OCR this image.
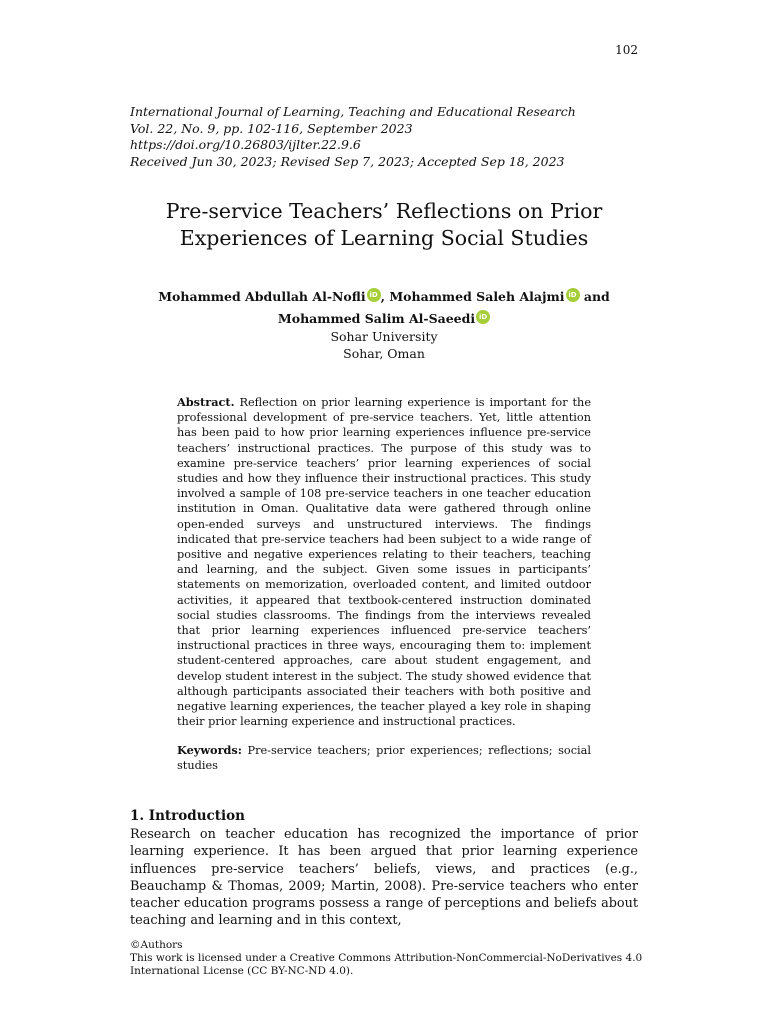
102
International Journal of Learning, Teaching and Educational Research
Vol. 22, No. 9, pp. 102-116, September 2023
https://doi.org/10.26803/ijlter.22.9.6
Received Jun 30, 2023; Revised Sep 7, 2023; Accepted Sep 18, 2023
Pre-service Teachers’ Reflections on Prior Experiences of Learning Social Studies
Mohammed Abdullah Al-Nofli iD , Mohammed Saleh Alajmi iD and
Mohammed Salim Al-Saeedi iD
Sohar University
Sohar, Oman

Abstract. Reflection on prior learning experience is important for the professional development of pre-service teachers. Yet, little attention has been paid to how prior learning experiences influence pre-service teachers’ instructional practices. The purpose of this study was to examine pre-service teachers’ prior learning experiences of social studies and how they influence their instructional practices. This study involved a sample of 108 pre-service teachers in one teacher education institution in Oman. Qualitative data were gathered through online open-ended surveys and unstructured interviews. The findings indicated that pre-service teachers had been subject to a wide range of positive and negative experiences relating to their teachers, teaching and learning, and the subject. Given some issues in participants’ statements on memorization, overloaded content, and limited outdoor activities, it appeared that textbook-centered instruction dominated social studies classrooms. The findings from the interviews revealed that prior learning experiences influenced pre-service teachers’ instructional practices in three ways, encouraging them to: implement student-centered approaches, care about student engagement, and develop student interest in the subject. The study showed evidence that although participants associated their teachers with both positive and negative learning experiences, the teacher played a key role in shaping their prior learning experience and instructional practices.

Keywords: Pre-service teachers; prior experiences; reflections; social studies

1. Introduction

Research on teacher education has recognized the importance of prior learning experience. It has been argued that prior learning experience influences pre-service teachers’ beliefs, views, and practices (e.g., Beauchamp & Thomas, 2009; Martin, 2008). Pre-service teachers who enter teacher education programs possess a range of perceptions and beliefs about teaching and learning and in this context,

©Authors
This work is licensed under a Creative Commons Attribution-NonCommercial-NoDerivatives 4.0
International License (CC BY-NC-ND 4.0).
